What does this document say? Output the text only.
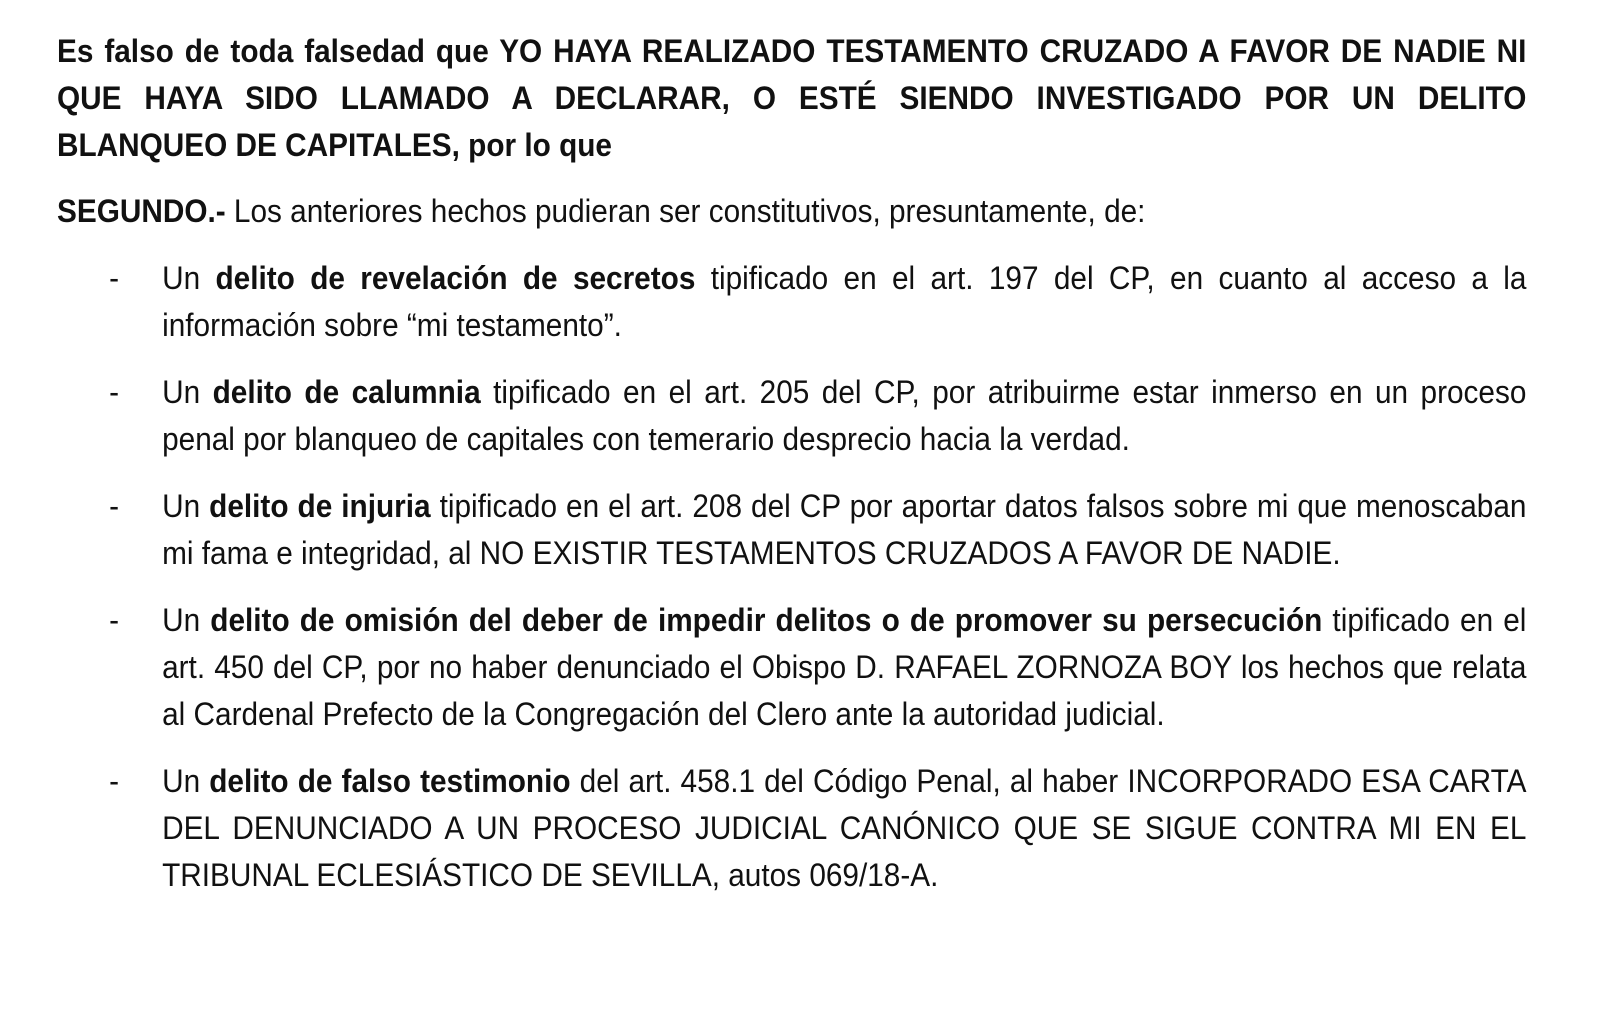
Es falso de toda falsedad que YO HAYA REALIZADO TESTAMENTO CRUZADO A FAVOR DE NADIE NI QUE HAYA SIDO LLAMADO A DECLARAR, O ESTÉ SIENDO INVESTIGADO POR UN DELITO BLANQUEO DE CAPITALES, por lo que

SEGUNDO.- Los anteriores hechos pudieran ser constitutivos, presuntamente, de:

- Un delito de revelación de secretos tipificado en el art. 197 del CP, en cuanto al acceso a la información sobre “mi testamento”.
- Un delito de calumnia tipificado en el art. 205 del CP, por atribuirme estar inmerso en un proceso penal por blanqueo de capitales con temerario desprecio hacia la verdad.
- Un delito de injuria tipificado en el art. 208 del CP por aportar datos falsos sobre mi que menoscaban mi fama e integridad, al NO EXISTIR TESTAMENTOS CRUZADOS A FAVOR DE NADIE.
- Un delito de omisión del deber de impedir delitos o de promover su persecución tipificado en el art. 450 del CP, por no haber denunciado el Obispo D. RAFAEL ZORNOZA BOY los hechos que relata al Cardenal Prefecto de la Congregación del Clero ante la autoridad judicial.
- Un delito de falso testimonio del art. 458.1 del Código Penal, al haber INCORPORADO ESA CARTA DEL DENUNCIADO A UN PROCESO JUDICIAL CANÓNICO QUE SE SIGUE CONTRA MI EN EL TRIBUNAL ECLESIÁSTICO DE SEVILLA, autos 069/18-A.
